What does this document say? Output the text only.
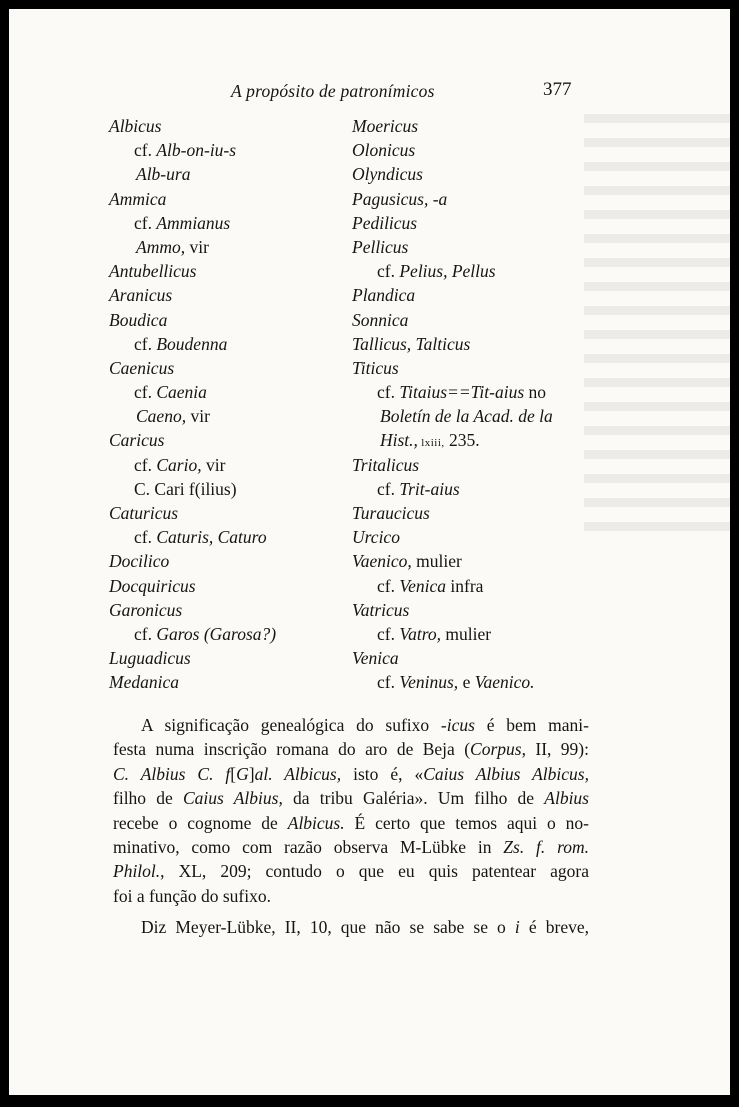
A propósito de patronímicos	377
Albicus
cf. Alb-on-iu-s
Alb-ura
Ammica
cf. Ammianus
Ammo, vir
Antubellicus
Aranicus
Boudica
cf. Boudenna
Caenicus
cf. Caenia
Caeno, vir
Caricus
cf. Cario, vir
C. Cari f(ilius)
Caturicus
cf. Caturis, Caturo
Docilico
Docquiricus
Garonicus
cf. Garos (Garosa?)
Luguadicus
Medanica
Moericus
Olonicus
Olyndicus
Pagusicus, -a
Pedilicus
Pellicus
cf. Pelius, Pellus
Plandica
Sonnica
Tallicus, Talticus
Titicus
cf. Titaius==Tit-aius no
Boletín de la Acad. de la
Hist., lxiii, 235.
Tritalicus
cf. Trit-aius
Turaucicus
Urcico
Vaenico, mulier
cf. Venica infra
Vatricus
cf. Vatro, mulier
Venica
cf. Veninus, e Vaenico.
A significação genealógica do sufixo -icus é bem mani-
festa numa inscrição romana do aro de Beja (Corpus, II, 99):
C. Albius C. f[G]al. Albicus, isto é, «Caius Albius Albicus,
filho de Caius Albius, da tribu Galéria». Um filho de Albius
recebe o cognome de Albicus. É certo que temos aqui o no-
minativo, como com razão observa M-Lübke in Zs. f. rom.
Philol., XL, 209; contudo o que eu quis patentear agora
foi a função do sufixo.
Diz Meyer-Lübke, II, 10, que não se sabe se o i é breve,
